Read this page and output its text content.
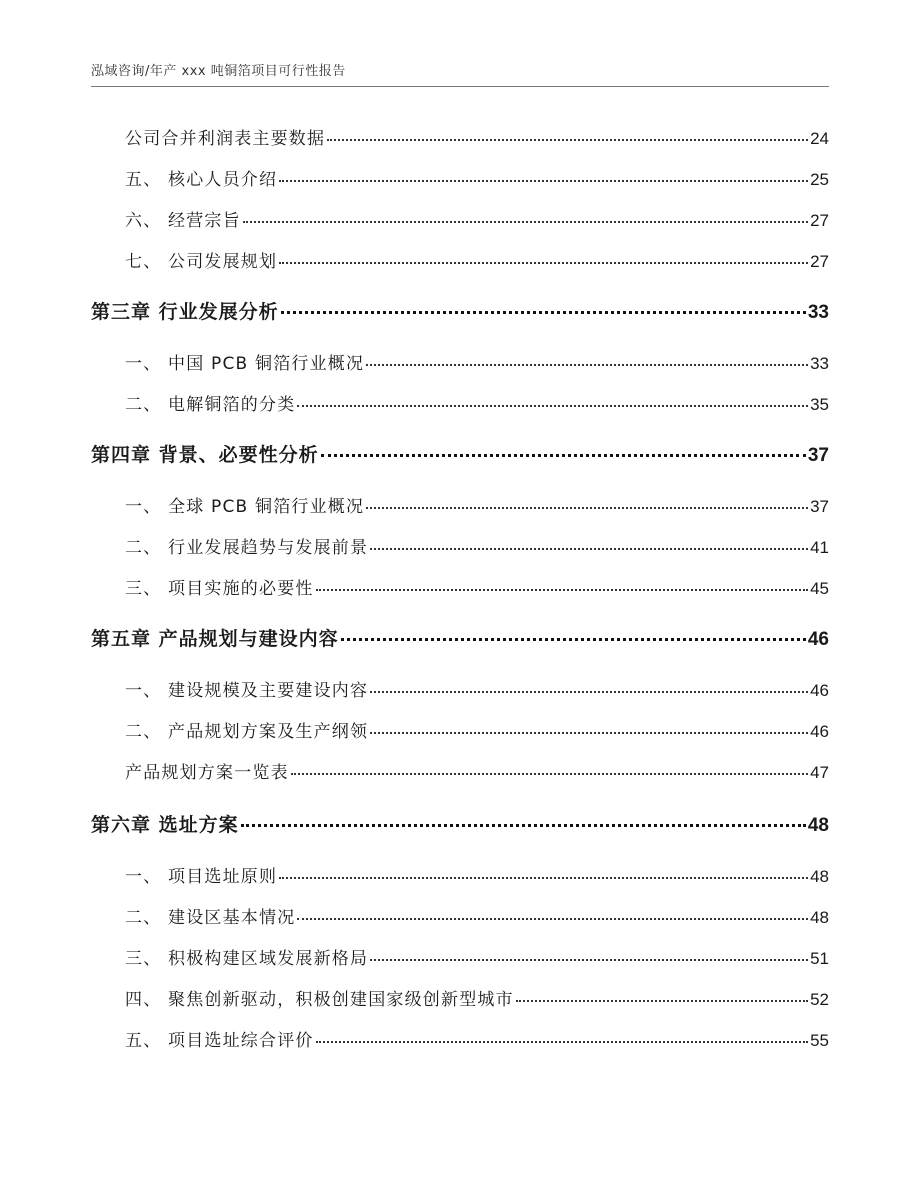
泓域咨询/年产 xxx 吨铜箔项目可行性报告
公司合并利润表主要数据	24
五、 核心人员介绍	25
六、 经营宗旨	27
七、 公司发展规划	27
第三章 行业发展分析	33
一、 中国 PCB 铜箔行业概况	33
二、 电解铜箔的分类	35
第四章 背景、必要性分析	37
一、 全球 PCB 铜箔行业概况	37
二、 行业发展趋势与发展前景	41
三、 项目实施的必要性	45
第五章 产品规划与建设内容	46
一、 建设规模及主要建设内容	46
二、 产品规划方案及生产纲领	46
产品规划方案一览表	47
第六章 选址方案	48
一、 项目选址原则	48
二、 建设区基本情况	48
三、 积极构建区域发展新格局	51
四、 聚焦创新驱动，积极创建国家级创新型城市	52
五、 项目选址综合评价	55
